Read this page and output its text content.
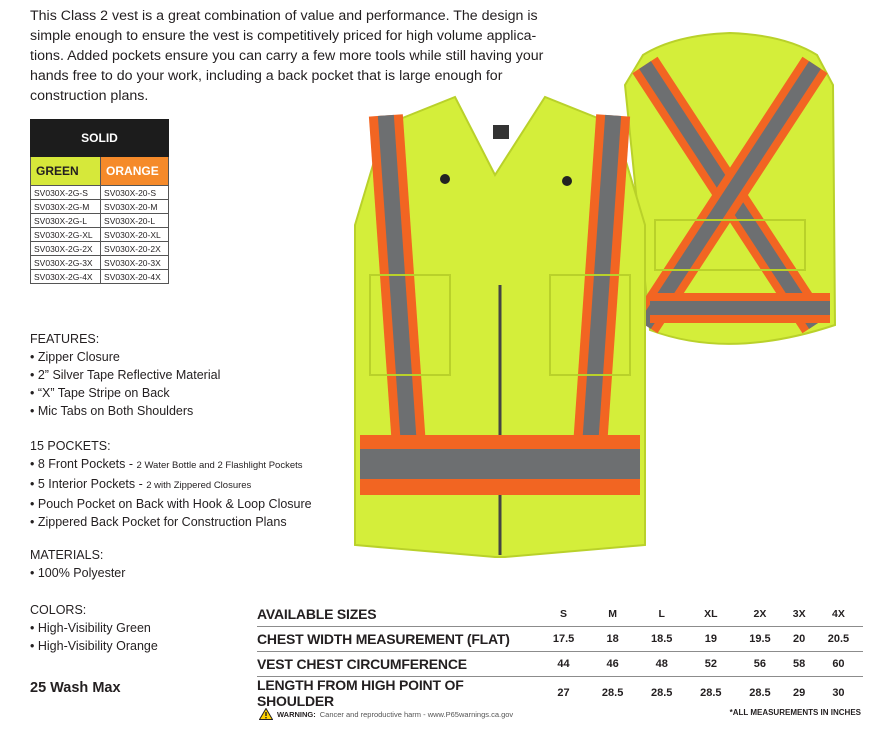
This Class 2 vest is a great combination of value and performance. The design is simple enough to ensure the vest is competitively priced for high volume applica-tions. Added pockets ensure you can carry a few more tools while still having your hands free to do your work, including a back pocket that is large enough for construction plans.

SOLID	
GREEN	ORANGE
SV030X-2G-S	SV030X-20-S
SV030X-2G-M	SV030X-20-M
SV030X-2G-L	SV030X-20-L
SV030X-2G-XL	SV030X-20-XL
SV030X-2G-2X	SV030X-20-2X
SV030X-2G-3X	SV030X-20-3X
SV030X-2G-4X	SV030X-20-4X

FEATURES:

• Zipper Closure
• 2” Silver Tape Reflective Material
• “X” Tape Stripe on Back
• Mic Tabs on Both Shoulders

15 POCKETS:

• 8 Front Pockets - 2 Water Bottle and 2 Flashlight Pockets
• 5 Interior Pockets - 2 with Zippered Closures
• Pouch Pocket on Back with Hook & Loop Closure
• Zippered Back Pocket for Construction Plans

MATERIALS:

• 100% Polyester

COLORS:

• High-Visibility Green
• High-Visibility Orange
25 Wash Max
AVAILABLE SIZES	S	M	L	XL	2X	3X	4X
CHEST WIDTH MEASUREMENT (FLAT)	17.5	18	18.5	19	19.5	20	20.5
VEST CHEST CIRCUMFERENCE	44	46	48	52	56	58	60
LENGTH FROM HIGH POINT OF SHOULDER	27	28.5	28.5	28.5	28.5	29	30
WARNING: Cancer and reproductive harm - www.P65warnings.ca.gov	*ALL MEASUREMENTS IN INCHES
